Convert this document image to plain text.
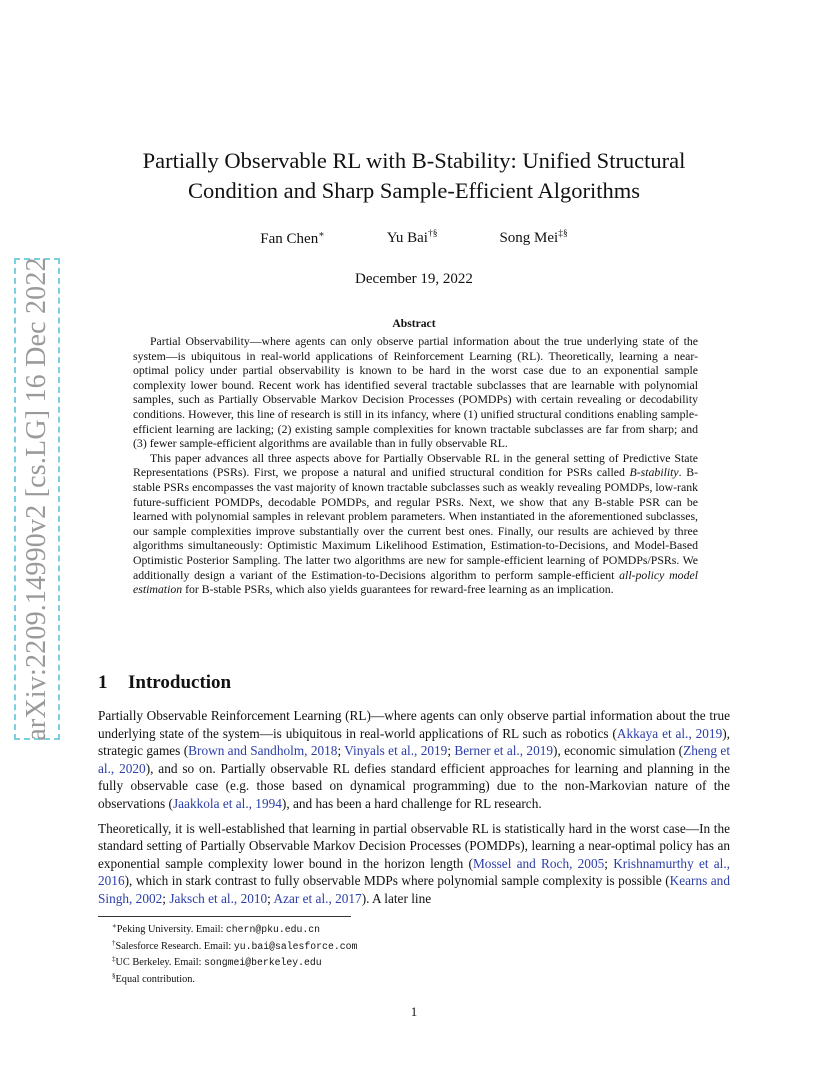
arXiv:2209.14990v2 [cs.LG] 16 Dec 2022
Partially Observable RL with B-Stability: Unified Structural
Condition and Sharp Sample-Efficient Algorithms
Fan Chen∗	Yu Bai†§	Song Mei‡§
December 19, 2022
Abstract

Partial Observability—where agents can only observe partial information about the true underlying state of the system—is ubiquitous in real-world applications of Reinforcement Learning (RL). Theoretically, learning a near-optimal policy under partial observability is known to be hard in the worst case due to an exponential sample complexity lower bound. Recent work has identified several tractable subclasses that are learnable with polynomial samples, such as Partially Observable Markov Decision Processes (POMDPs) with certain revealing or decodability conditions. However, this line of research is still in its infancy, where (1) unified structural conditions enabling sample-efficient learning are lacking; (2) existing sample complexities for known tractable subclasses are far from sharp; and (3) fewer sample-efficient algorithms are available than in fully observable RL.

This paper advances all three aspects above for Partially Observable RL in the general setting of Predictive State Representations (PSRs). First, we propose a natural and unified structural condition for PSRs called B-stability. B-stable PSRs encompasses the vast majority of known tractable subclasses such as weakly revealing POMDPs, low-rank future-sufficient POMDPs, decodable POMDPs, and regular PSRs. Next, we show that any B-stable PSR can be learned with polynomial samples in relevant problem parameters. When instantiated in the aforementioned subclasses, our sample complexities improve substantially over the current best ones. Finally, our results are achieved by three algorithms simultaneously: Optimistic Maximum Likelihood Estimation, Estimation-to-Decisions, and Model-Based Optimistic Posterior Sampling. The latter two algorithms are new for sample-efficient learning of POMDPs/PSRs. We additionally design a variant of the Estimation-to-Decisions algorithm to perform sample-efficient all-policy model estimation for B-stable PSRs, which also yields guarantees for reward-free learning as an implication.

1 Introduction

Partially Observable Reinforcement Learning (RL)—where agents can only observe partial information about the true underlying state of the system—is ubiquitous in real-world applications of RL such as robotics (Akkaya et al., 2019), strategic games (Brown and Sandholm, 2018; Vinyals et al., 2019; Berner et al., 2019), economic simulation (Zheng et al., 2020), and so on. Partially observable RL defies standard efficient approaches for learning and planning in the fully observable case (e.g. those based on dynamical programming) due to the non-Markovian nature of the observations (Jaakkola et al., 1994), and has been a hard challenge for RL research.

Theoretically, it is well-established that learning in partial observable RL is statistically hard in the worst case—In the standard setting of Partially Observable Markov Decision Processes (POMDPs), learning a near-optimal policy has an exponential sample complexity lower bound in the horizon length (Mossel and Roch, 2005; Krishnamurthy et al., 2016), which in stark contrast to fully observable MDPs where polynomial sample complexity is possible (Kearns and Singh, 2002; Jaksch et al., 2010; Azar et al., 2017). A later line

∗Peking University. Email: chern@pku.edu.cn
†Salesforce Research. Email: yu.bai@salesforce.com
‡UC Berkeley. Email: songmei@berkeley.edu
§Equal contribution.
1
